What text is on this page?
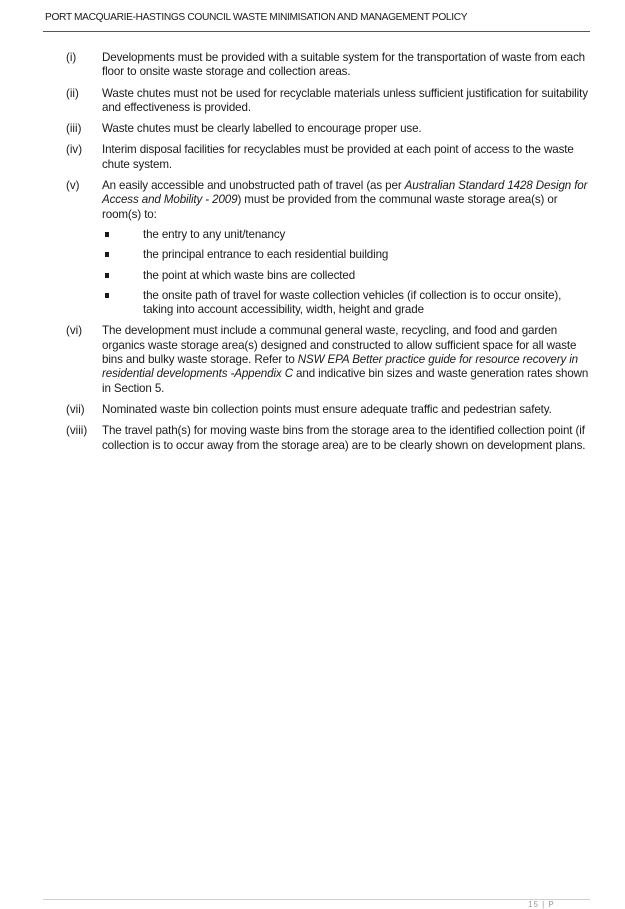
PORT MACQUARIE-HASTINGS COUNCIL WASTE MINIMISATION AND MANAGEMENT POLICY
(i) Developments must be provided with a suitable system for the transportation of waste from each floor to onsite waste storage and collection areas.
(ii) Waste chutes must not be used for recyclable materials unless sufficient justification for suitability and effectiveness is provided.
(iii) Waste chutes must be clearly labelled to encourage proper use.
(iv) Interim disposal facilities for recyclables must be provided at each point of access to the waste chute system.
(v) An easily accessible and unobstructed path of travel (as per Australian Standard 1428 Design for Access and Mobility - 2009) must be provided from the communal waste storage area(s) or room(s) to:
the entry to any unit/tenancy
the principal entrance to each residential building
the point at which waste bins are collected
the onsite path of travel for waste collection vehicles (if collection is to occur onsite), taking into account accessibility, width, height and grade
(vi) The development must include a communal general waste, recycling, and food and garden organics waste storage area(s) designed and constructed to allow sufficient space for all waste bins and bulky waste storage. Refer to NSW EPA Better practice guide for resource recovery in residential developments -Appendix C and indicative bin sizes and waste generation rates shown in Section 5.
(vii) Nominated waste bin collection points must ensure adequate traffic and pedestrian safety.
(viii) The travel path(s) for moving waste bins from the storage area to the identified collection point (if collection is to occur away from the storage area) are to be clearly shown on development plans.
15 | P
